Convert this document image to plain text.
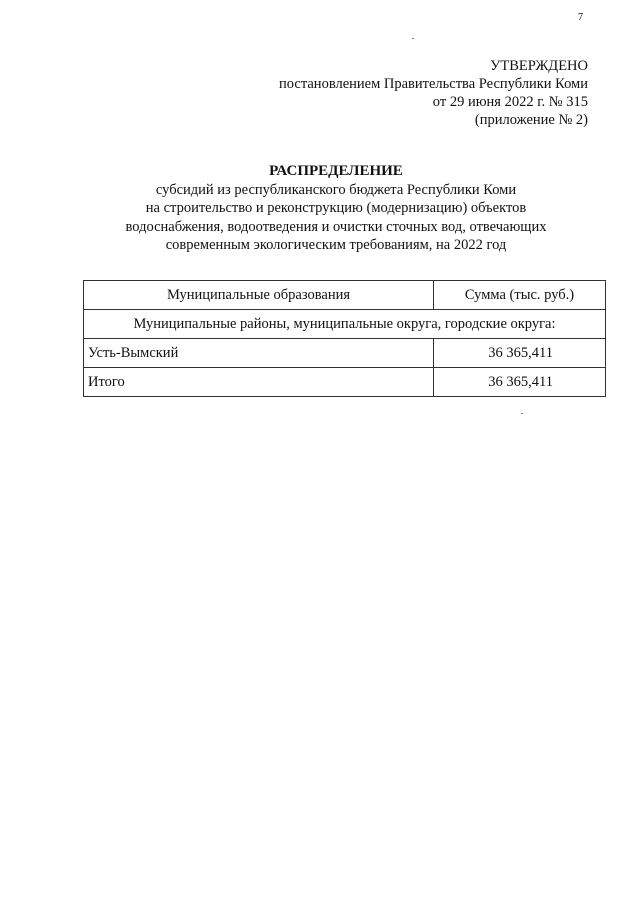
7
УТВЕРЖДЕНО
постановлением Правительства Республики Коми
от 29 июня 2022 г. № 315
(приложение № 2)
РАСПРЕДЕЛЕНИЕ
субсидий из республиканского бюджета Республики Коми
на строительство и реконструкцию (модернизацию) объектов
водоснабжения, водоотведения и очистки сточных вод, отвечающих
современным экологическим требованиям, на 2022 год
Муниципальные образования	Сумма (тыс. руб.)
Муниципальные районы, муниципальные округа, городские округа:	
Усть-Вымский	36 365,411
Итого	36 365,411
